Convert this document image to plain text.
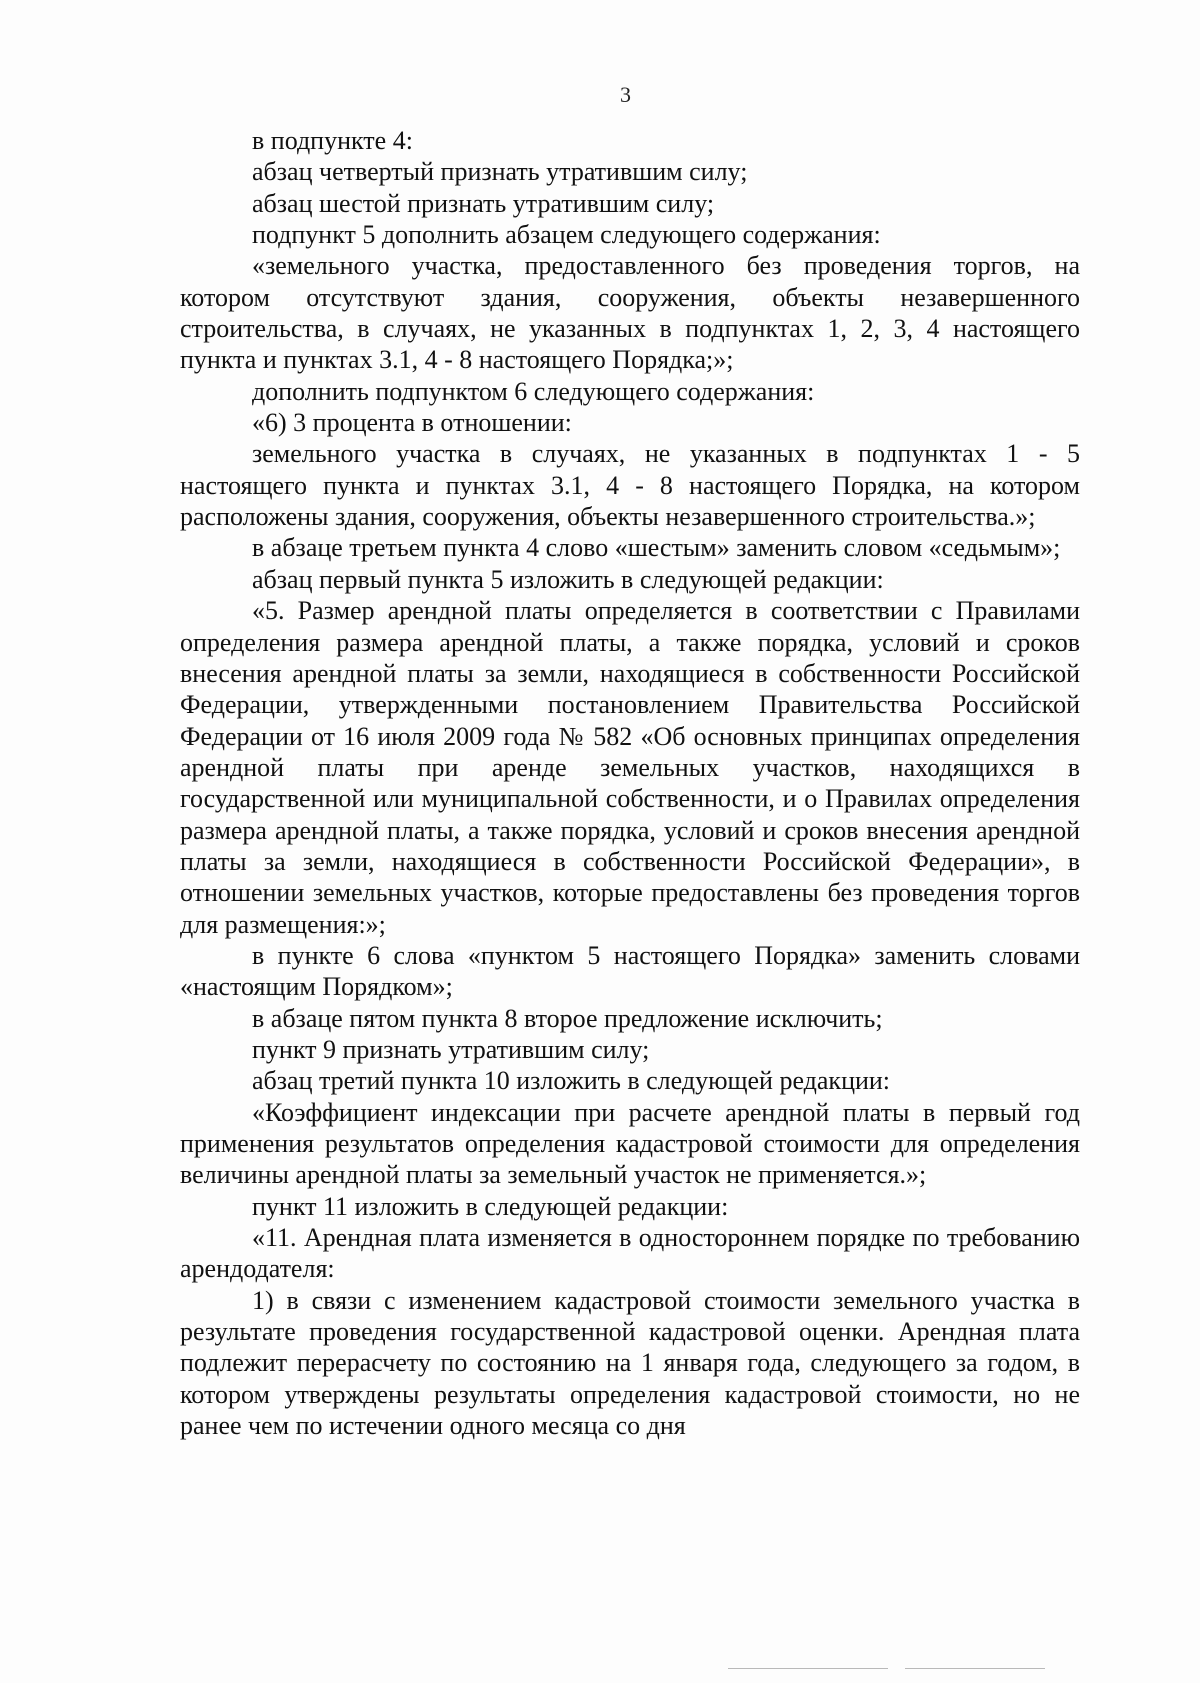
3

в подпункте 4:

абзац четвертый признать утратившим силу;

абзац шестой признать утратившим силу;

подпункт 5 дополнить абзацем следующего содержания:

«земельного участка, предоставленного без проведения торгов, на котором отсутствуют здания, сооружения, объекты незавершенного строительства, в случаях, не указанных в подпунктах 1, 2, 3, 4 настоящего пункта и пунктах 3.1, 4 - 8 настоящего Порядка;»;

дополнить подпунктом 6 следующего содержания:

«6) 3 процента в отношении:

земельного участка в случаях, не указанных в подпунктах 1 - 5 настоящего пункта и пунктах 3.1, 4 - 8 настоящего Порядка, на котором расположены здания, сооружения, объекты незавершенного строительства.»;

в абзаце третьем пункта 4 слово «шестым» заменить словом «седьмым»;

абзац первый пункта 5 изложить в следующей редакции:

«5. Размер арендной платы определяется в соответствии с Правилами определения размера арендной платы, а также порядка, условий и сроков внесения арендной платы за земли, находящиеся в собственности Российской Федерации, утвержденными постановлением Правительства Российской Федерации от 16 июля 2009 года № 582 «Об основных принципах определения арендной платы при аренде земельных участков, находящихся в государственной или муниципальной собственности, и о Правилах определения размера арендной платы, а также порядка, условий и сроков внесения арендной платы за земли, находящиеся в собственности Российской Федерации», в отношении земельных участков, которые предоставлены без проведения торгов для размещения:»;

в пункте 6 слова «пунктом 5 настоящего Порядка» заменить словами «настоящим Порядком»;

в абзаце пятом пункта 8 второе предложение исключить;

пункт 9 признать утратившим силу;

абзац третий пункта 10 изложить в следующей редакции:

«Коэффициент индексации при расчете арендной платы в первый год применения результатов определения кадастровой стоимости для определения величины арендной платы за земельный участок не применяется.»;

пункт 11 изложить в следующей редакции:

«11. Арендная плата изменяется в одностороннем порядке по требованию арендодателя:

1) в связи с изменением кадастровой стоимости земельного участка в результате проведения государственной кадастровой оценки. Арендная плата подлежит перерасчету по состоянию на 1 января года, следующего за годом, в котором утверждены результаты определения кадастровой стоимости, но не ранее чем по истечении одного месяца со дня
